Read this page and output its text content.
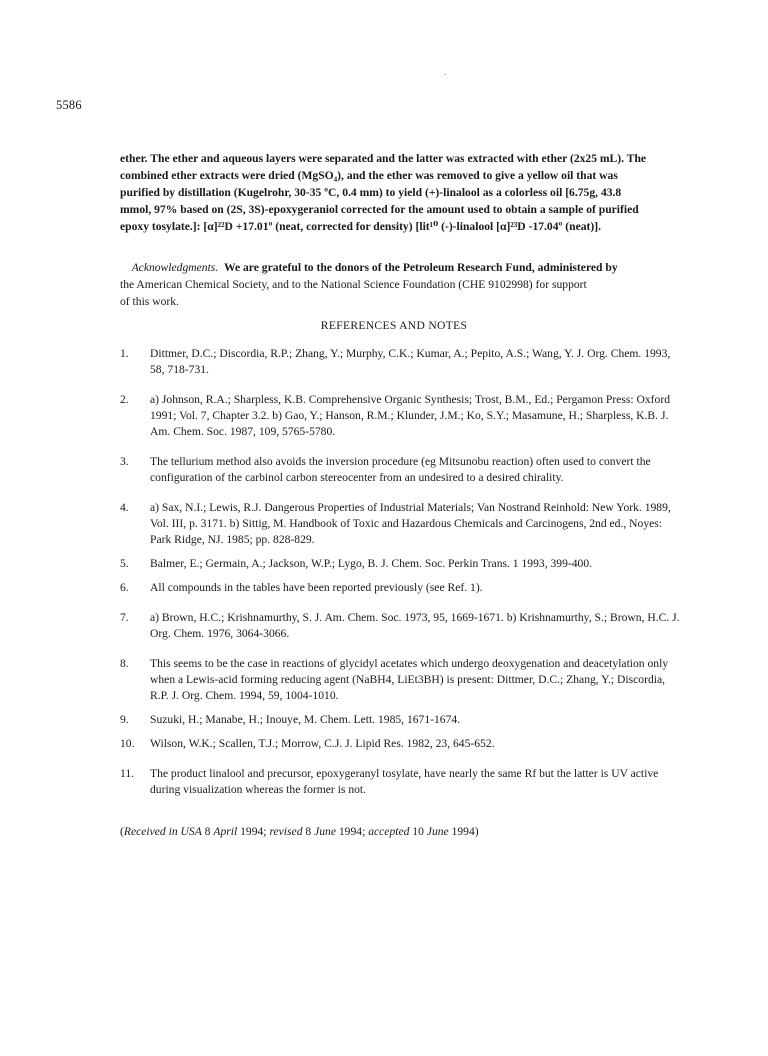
5586

ether. The ether and aqueous layers were separated and the latter was extracted with ether (2x25 mL). The

combined ether extracts were dried (MgSO₄), and the ether was removed to give a yellow oil that was

purified by distillation (Kugelrohr, 30-35 ºC, 0.4 mm) to yield (+)-linalool as a colorless oil [6.75g, 43.8

mmol, 97% based on (2S, 3S)-epoxygeraniol corrected for the amount used to obtain a sample of purified

epoxy tosylate.]: [α]²²D +17.01º (neat, corrected for density) [lit¹⁰ (-)-linalool [α]²³D -17.04º (neat)].

Acknowledgments. We are grateful to the donors of the Petroleum Research Fund, administered by
the American Chemical Society, and to the National Science Foundation (CHE 9102998) for support
of this work.
REFERENCES AND NOTES
1.	Dittmer, D.C.; Discordia, R.P.; Zhang, Y.; Murphy, C.K.; Kumar, A.; Pepito, A.S.; Wang, Y. J. Org. Chem. 1993, 58, 718-731.
2.	a) Johnson, R.A.; Sharpless, K.B. Comprehensive Organic Synthesis; Trost, B.M., Ed.; Pergamon Press: Oxford 1991; Vol. 7, Chapter 3.2. b) Gao, Y.; Hanson, R.M.; Klunder, J.M.; Ko, S.Y.; Masamune, H.; Sharpless, K.B. J. Am. Chem. Soc. 1987, 109, 5765-5780.
3.	The tellurium method also avoids the inversion procedure (eg Mitsunobu reaction) often used to convert the configuration of the carbinol carbon stereocenter from an undesired to a desired chirality.
4.	a) Sax, N.I.; Lewis, R.J. Dangerous Properties of Industrial Materials; Van Nostrand Reinhold: New York. 1989, Vol. III, p. 3171. b) Sittig, M. Handbook of Toxic and Hazardous Chemicals and Carcinogens, 2nd ed., Noyes: Park Ridge, NJ. 1985; pp. 828-829.
5.	Balmer, E.; Germain, A.; Jackson, W.P.; Lygo, B. J. Chem. Soc. Perkin Trans. 1 1993, 399-400.
6.	All compounds in the tables have been reported previously (see Ref. 1).
7.	a) Brown, H.C.; Krishnamurthy, S. J. Am. Chem. Soc. 1973, 95, 1669-1671. b) Krishnamurthy, S.; Brown, H.C. J. Org. Chem. 1976, 3064-3066.
8.	This seems to be the case in reactions of glycidyl acetates which undergo deoxygenation and deacetylation only when a Lewis-acid forming reducing agent (NaBH4, LiEt3BH) is present: Dittmer, D.C.; Zhang, Y.; Discordia, R.P. J. Org. Chem. 1994, 59, 1004-1010.
9.	Suzuki, H.; Manabe, H.; Inouye, M. Chem. Lett. 1985, 1671-1674.
10.	Wilson, W.K.; Scallen, T.J.; Morrow, C.J. J. Lipid Res. 1982, 23, 645-652.
11.	The product linalool and precursor, epoxygeranyl tosylate, have nearly the same Rf but the latter is UV active during visualization whereas the former is not.
(Received in USA 8 April 1994; revised 8 June 1994; accepted 10 June 1994)
